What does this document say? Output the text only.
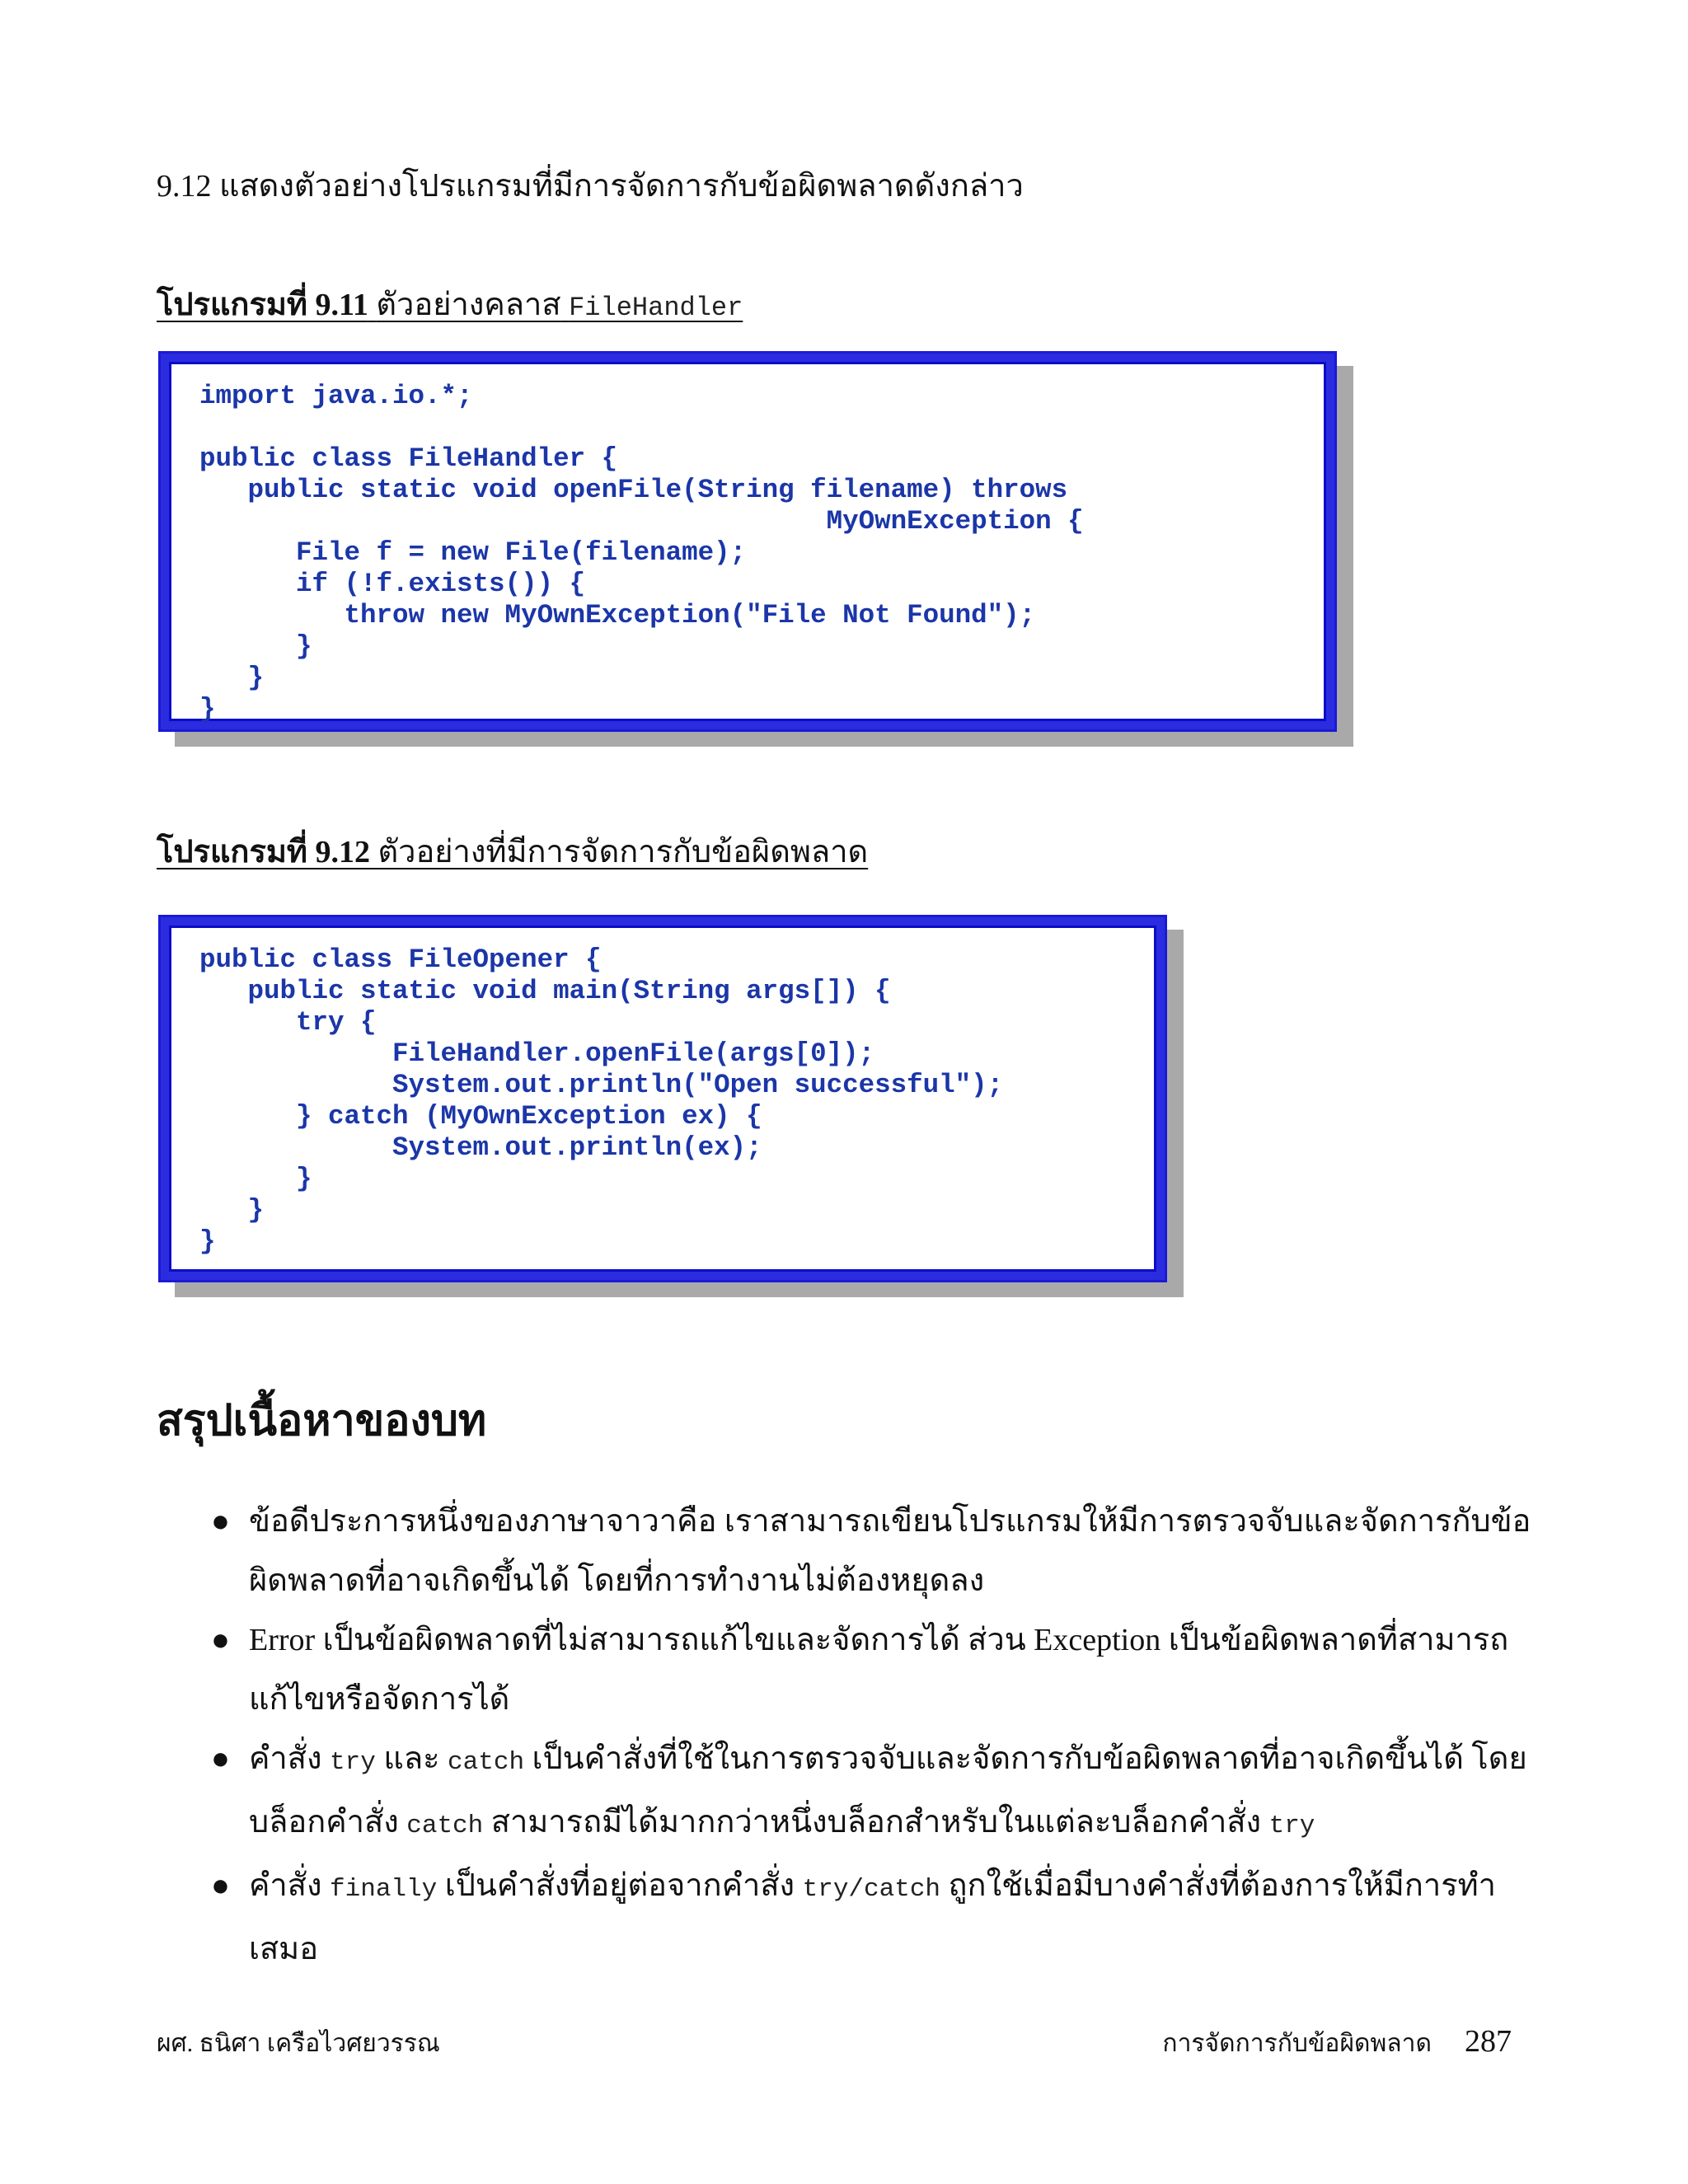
9.12 แสดงตัวอย่างโปรแกรมที่มีการจัดการกับข้อผิดพลาดดังกล่าว
โปรแกรมที่ 9.11 ตัวอย่างคลาส FileHandler
import java.io.*;

public class FileHandler {
public static void openFile(String filename) throws
MyOwnException {
File f = new File(filename);
if (!f.exists()) {
throw new MyOwnException("File Not Found");
}
}
}
โปรแกรมที่ 9.12 ตัวอย่างที่มีการจัดการกับข้อผิดพลาด
public class FileOpener {
public static void main(String args[]) {
try {
FileHandler.openFile(args[0]);
System.out.println("Open successful");
} catch (MyOwnException ex) {
System.out.println(ex);
}
}
}
สรุปเนื้อหาของบท
● ข้อดีประการหนึ่งของภาษาจาวาคือ เราสามารถเขียนโปรแกรมให้มีการตรวจจับและจัดการกับข้อผิดพลาดที่อาจเกิดขึ้นได้ โดยที่การทำงานไม่ต้องหยุดลง
● Error เป็นข้อผิดพลาดที่ไม่สามารถแก้ไขและจัดการได้ ส่วน Exception เป็นข้อผิดพลาดที่สามารถแก้ไขหรือจัดการได้
● คำสั่ง try และ catch เป็นคำสั่งที่ใช้ในการตรวจจับและจัดการกับข้อผิดพลาดที่อาจเกิดขึ้นได้ โดยบล็อกคำสั่ง catch สามารถมีได้มากกว่าหนึ่งบล็อกสำหรับในแต่ละบล็อกคำสั่ง try
● คำสั่ง finally เป็นคำสั่งที่อยู่ต่อจากคำสั่ง try/catch ถูกใช้เมื่อมีบางคำสั่งที่ต้องการให้มีการทำเสมอ
ผศ. ธนิศา เครือไวศยวรรณ	การจัดการกับข้อผิดพลาด 287
